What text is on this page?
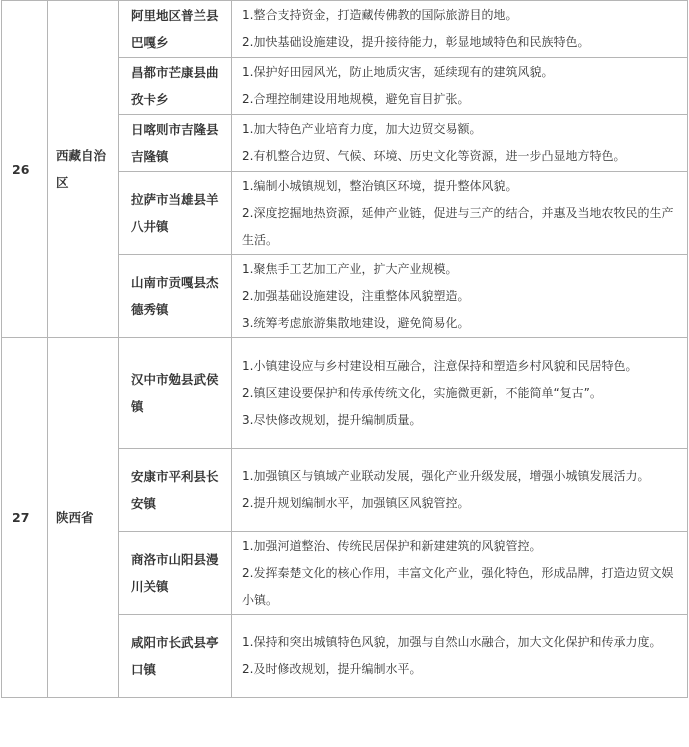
26	西藏自治区	阿里地区普兰县巴嘎乡	1.整合支持资金，打造藏传佛教的国际旅游目的地。
2.加快基础设施建设，提升接待能力，彰显地域特色和民族特色。

		昌都市芒康县曲孜卡乡	1.保护好田园风光，防止地质灾害，延续现有的建筑风貌。
2.合理控制建设用地规模，避免盲目扩张。

		日喀则市吉隆县吉隆镇	1.加大特色产业培育力度，加大边贸交易额。
2.有机整合边贸、气候、环境、历史文化等资源，进一步凸显地方特色。

		拉萨市当雄县羊八井镇	1.编制小城镇规划，整治镇区环境，提升整体风貌。
2.深度挖掘地热资源，延伸产业链，促进与三产的结合，并惠及当地农牧民的生产生活。

		山南市贡嘎县杰德秀镇	1.聚焦手工艺加工产业，扩大产业规模。
2.加强基础设施建设，注重整体风貌塑造。
3.统筹考虑旅游集散地建设，避免简易化。

27	陕西省	汉中市勉县武侯镇	1.小镇建设应与乡村建设相互融合，注意保持和塑造乡村风貌和民居特色。
2.镇区建设要保护和传承传统文化，实施微更新，不能简单“复古”。
3.尽快修改规划，提升编制质量。

		安康市平利县长安镇	1.加强镇区与镇域产业联动发展，强化产业升级发展，增强小城镇发展活力。
2.提升规划编制水平，加强镇区风貌管控。

		商洛市山阳县漫川关镇	1.加强河道整治、传统民居保护和新建建筑的风貌管控。
2.发挥秦楚文化的核心作用，丰富文化产业，强化特色，形成品牌，打造边贸文娱小镇。

		咸阳市长武县亭口镇	1.保持和突出城镇特色风貌，加强与自然山水融合，加大文化保护和传承力度。
2.及时修改规划，提升编制水平。
